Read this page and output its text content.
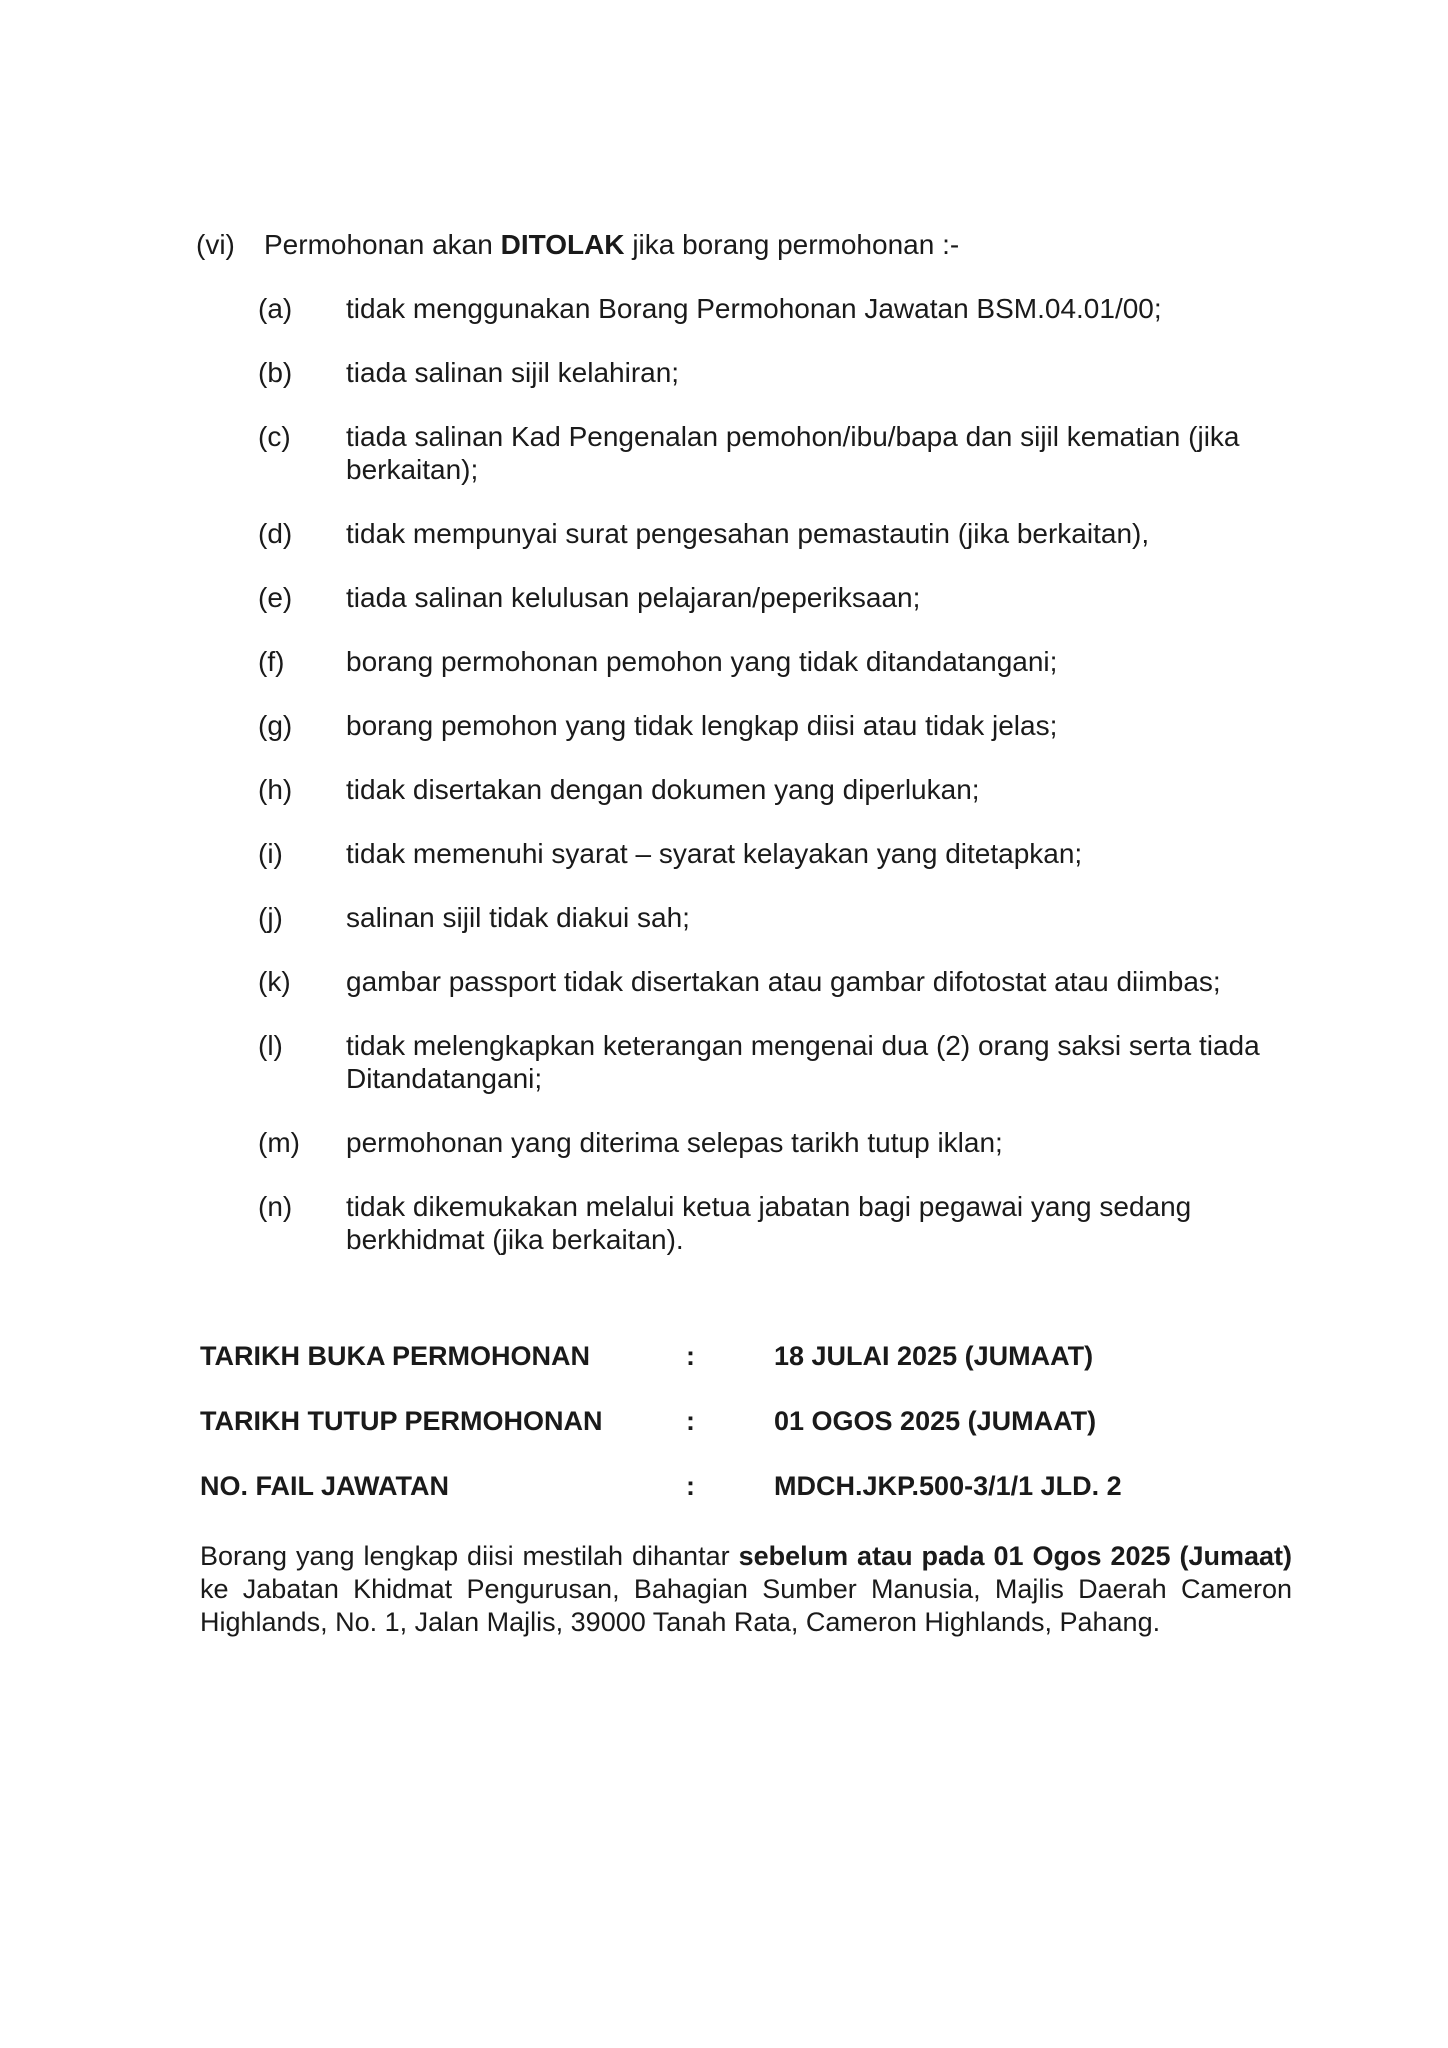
(vi) Permohonan akan DITOLAK jika borang permohonan :-
(a)	tidak menggunakan Borang Permohonan Jawatan BSM.04.01/00;
(b)	tiada salinan sijil kelahiran;
(c)	tiada salinan Kad Pengenalan pemohon/ibu/bapa dan sijil kematian (jika berkaitan);
(d)	tidak mempunyai surat pengesahan pemastautin (jika berkaitan),
(e)	tiada salinan kelulusan pelajaran/peperiksaan;
(f)	borang permohonan pemohon yang tidak ditandatangani;
(g)	borang pemohon yang tidak lengkap diisi atau tidak jelas;
(h)	tidak disertakan dengan dokumen yang diperlukan;
(i)	tidak memenuhi syarat – syarat kelayakan yang ditetapkan;
(j)	salinan sijil tidak diakui sah;
(k)	gambar passport tidak disertakan atau gambar difotostat atau diimbas;
(l)	tidak melengkapkan keterangan mengenai dua (2) orang saksi serta tiada Ditandatangani;
(m)	permohonan yang diterima selepas tarikh tutup iklan;
(n)	tidak dikemukakan melalui ketua jabatan bagi pegawai yang sedang berkhidmat (jika berkaitan).
TARIKH BUKA PERMOHONAN	:	18 JULAI 2025 (JUMAAT)
TARIKH TUTUP PERMOHONAN	:	01 OGOS 2025 (JUMAAT)
NO. FAIL JAWATAN	:	MDCH.JKP.500-3/1/1 JLD. 2
Borang yang lengkap diisi mestilah dihantar sebelum atau pada 01 Ogos 2025 (Jumaat) ke Jabatan Khidmat Pengurusan, Bahagian Sumber Manusia, Majlis Daerah Cameron Highlands, No. 1, Jalan Majlis, 39000 Tanah Rata, Cameron Highlands, Pahang.
